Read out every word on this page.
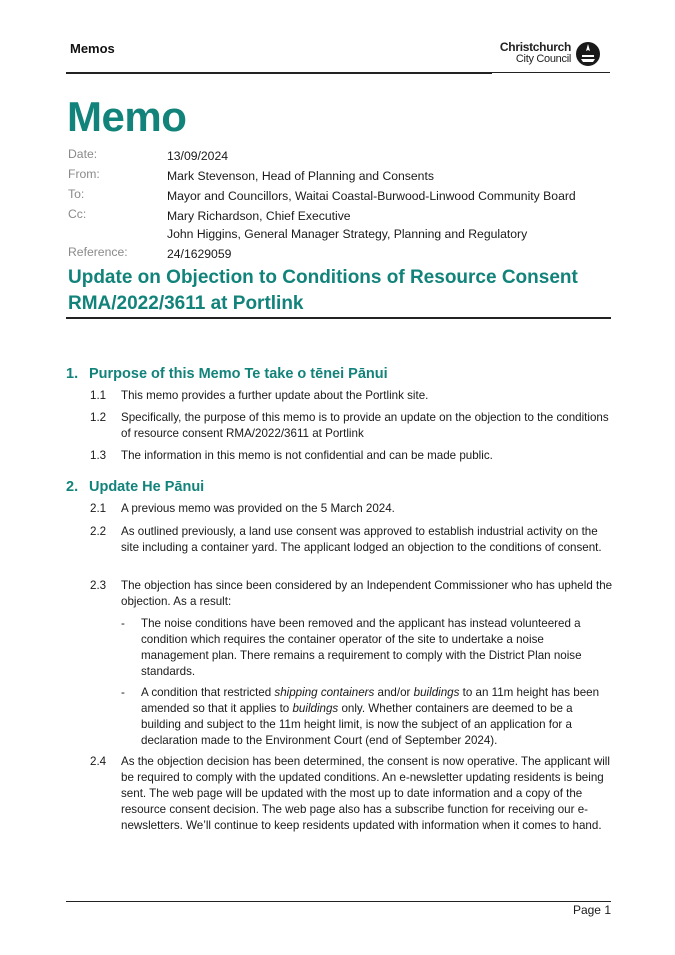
Memos	Christchurch
City Council
Memo
Date:	13/09/2024
From:	Mark Stevenson, Head of Planning and Consents
To:	Mayor and Councillors, Waitai Coastal-Burwood-Linwood Community Board
Cc:	Mary Richardson, Chief Executive
John Higgins, General Manager Strategy, Planning and Regulatory
Reference:	24/1629059
Update on Objection to Conditions of Resource Consent
RMA/2022/3611 at Portlink
1. Purpose of this Memo Te take o tēnei Pānui
1.1 This memo provides a further update about the Portlink site.
1.2 Specifically, the purpose of this memo is to provide an update on the objection to the conditions of resource consent RMA/2022/3611 at Portlink
1.3 The information in this memo is not confidential and can be made public.
2. Update He Pānui
2.1 A previous memo was provided on the 5 March 2024.
2.2 As outlined previously, a land use consent was approved to establish industrial activity on the site including a container yard. The applicant lodged an objection to the conditions of consent.
2.3 The objection has since been considered by an Independent Commissioner who has upheld the objection. As a result:
- The noise conditions have been removed and the applicant has instead volunteered a condition which requires the container operator of the site to undertake a noise management plan. There remains a requirement to comply with the District Plan noise standards.
- A condition that restricted shipping containers and/or buildings to an 11m height has been amended so that it applies to buildings only. Whether containers are deemed to be a building and subject to the 11m height limit, is now the subject of an application for a declaration made to the Environment Court (end of September 2024).
2.4 As the objection decision has been determined, the consent is now operative. The applicant will be required to comply with the updated conditions. An e-newsletter updating residents is being sent. The web page will be updated with the most up to date information and a copy of the resource consent decision. The web page also has a subscribe function for receiving our e-newsletters. We’ll continue to keep residents updated with information when it comes to hand.
Page 1
